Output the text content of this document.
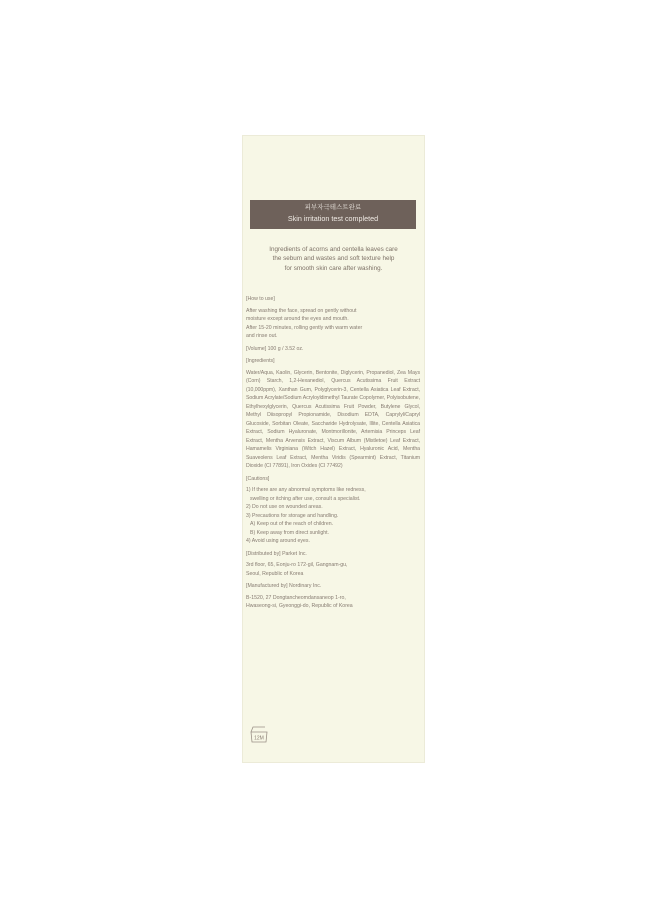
피부자극테스트완료
Skin irritation test completed
Ingredients of acorns and centella leaves care
the sebum and wastes and soft texture help
for smooth skin care after washing.

[How to use]

After washing the face, spread on gently without

moisture except around the eyes and mouth.

After 15-20 minutes, rolling gently with warm water

and rinse out.

[Volume] 100 g / 3.52 oz.

[Ingredients]

Water/Aqua, Kaolin, Glycerin, Bentonite, Diglycerin, Propanediol, Zea Mays (Corn) Starch, 1,2-Hexanediol, Quercus Acutissima Fruit Extract (10,000ppm), Xanthan Gum, Polyglycerin-3, Centella Asiatica Leaf Extract, Sodium Acrylate/Sodium Acryloyldimethyl Taurate Copolymer, Polyisobutene, Ethylhexylglycerin, Quercus Acutissima Fruit Powder, Butylene Glycol, Methyl Diisopropyl Propionamide, Disodium EDTA, Caprylyl/Capryl Glucoside, Sorbitan Oleate, Saccharide Hydrolysate, Illite, Centella Asiatica Extract, Sodium Hyaluronate, Montmorillonite, Artemisia Princeps Leaf Extract, Mentha Arvensis Extract, Viscum Album (Mistletoe) Leaf Extract, Hamamelis Virginiana (Witch Hazel) Extract, Hyaluronic Acid, Mentha Suaveolens Leaf Extract, Mentha Viridis (Spearmint) Extract, Titanium Dioxide (CI 77891), Iron Oxides (CI 77492)

[Cautions]

1) If there are any abnormal symptoms like redness,

swelling or itching after use, consult a specialist.

2) Do not use on wounded areas.

3) Precautions for storage and handling.

A) Keep out of the reach of children.

B) Keep away from direct sunlight.

4) Avoid using around eyes.

[Distributed by] Parket Inc.

3rd floor, 65, Eonju-ro 172-gil, Gangnam-gu,

Seoul, Republic of Korea

[Manufactured by] Nordinary Inc.

B-1520, 27 Dongtancheomdansaneop 1-ro,

Hwaseong-si, Gyeonggi-do, Republic of Korea

12M
